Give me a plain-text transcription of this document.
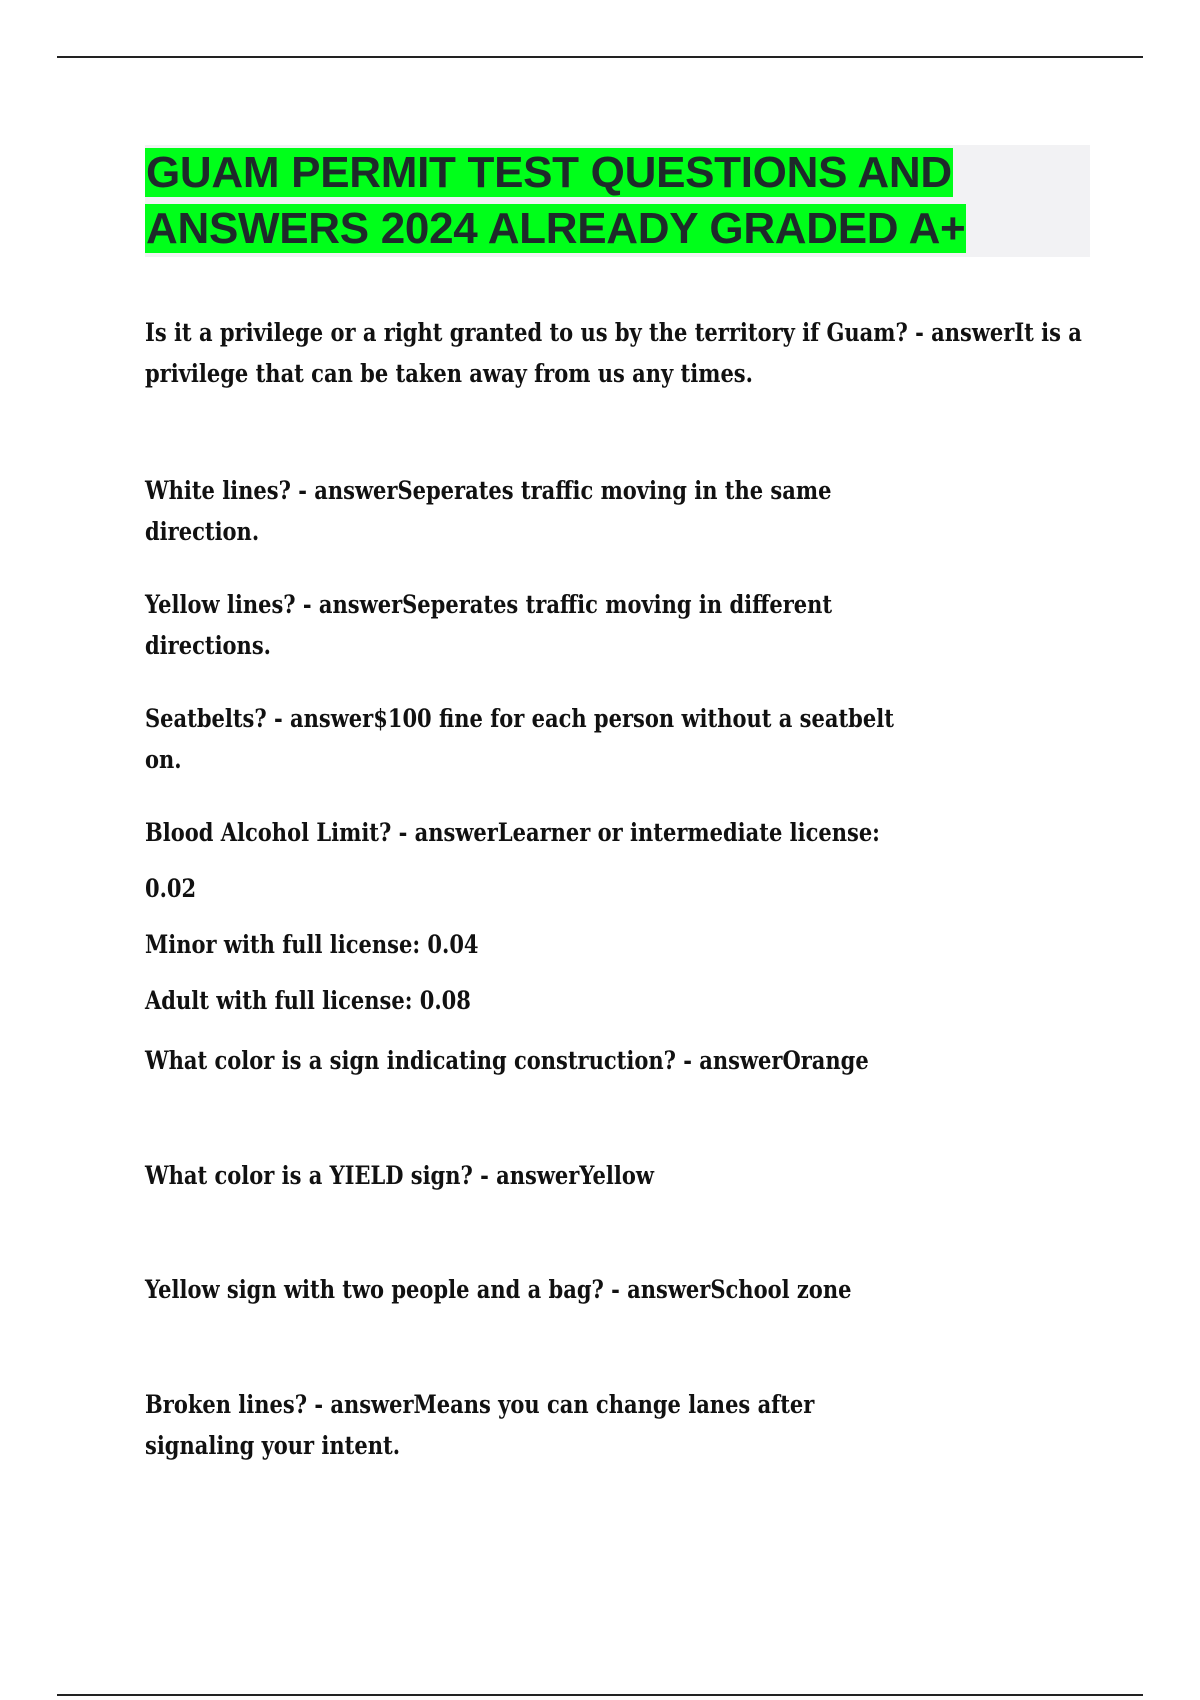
GUAM PERMIT TEST QUESTIONS AND
ANSWERS 2024 ALREADY GRADED A+

Is it a privilege or a right granted to us by the territory if Guam? - answerIt is a privilege that can be taken away from us any times.

White lines? - answerSeperates traffic moving in the same direction.

Yellow lines? - answerSeperates traffic moving in different directions.

Seatbelts? - answer$100 fine for each person without a seatbelt on.

Blood Alcohol Limit? - answerLearner or intermediate license: 0.02
Minor with full license: 0.04
Adult with full license: 0.08

What color is a sign indicating construction? - answerOrange

What color is a YIELD sign? - answerYellow

Yellow sign with two people and a bag? - answerSchool zone

Broken lines? - answerMeans you can change lanes after signaling your intent.
